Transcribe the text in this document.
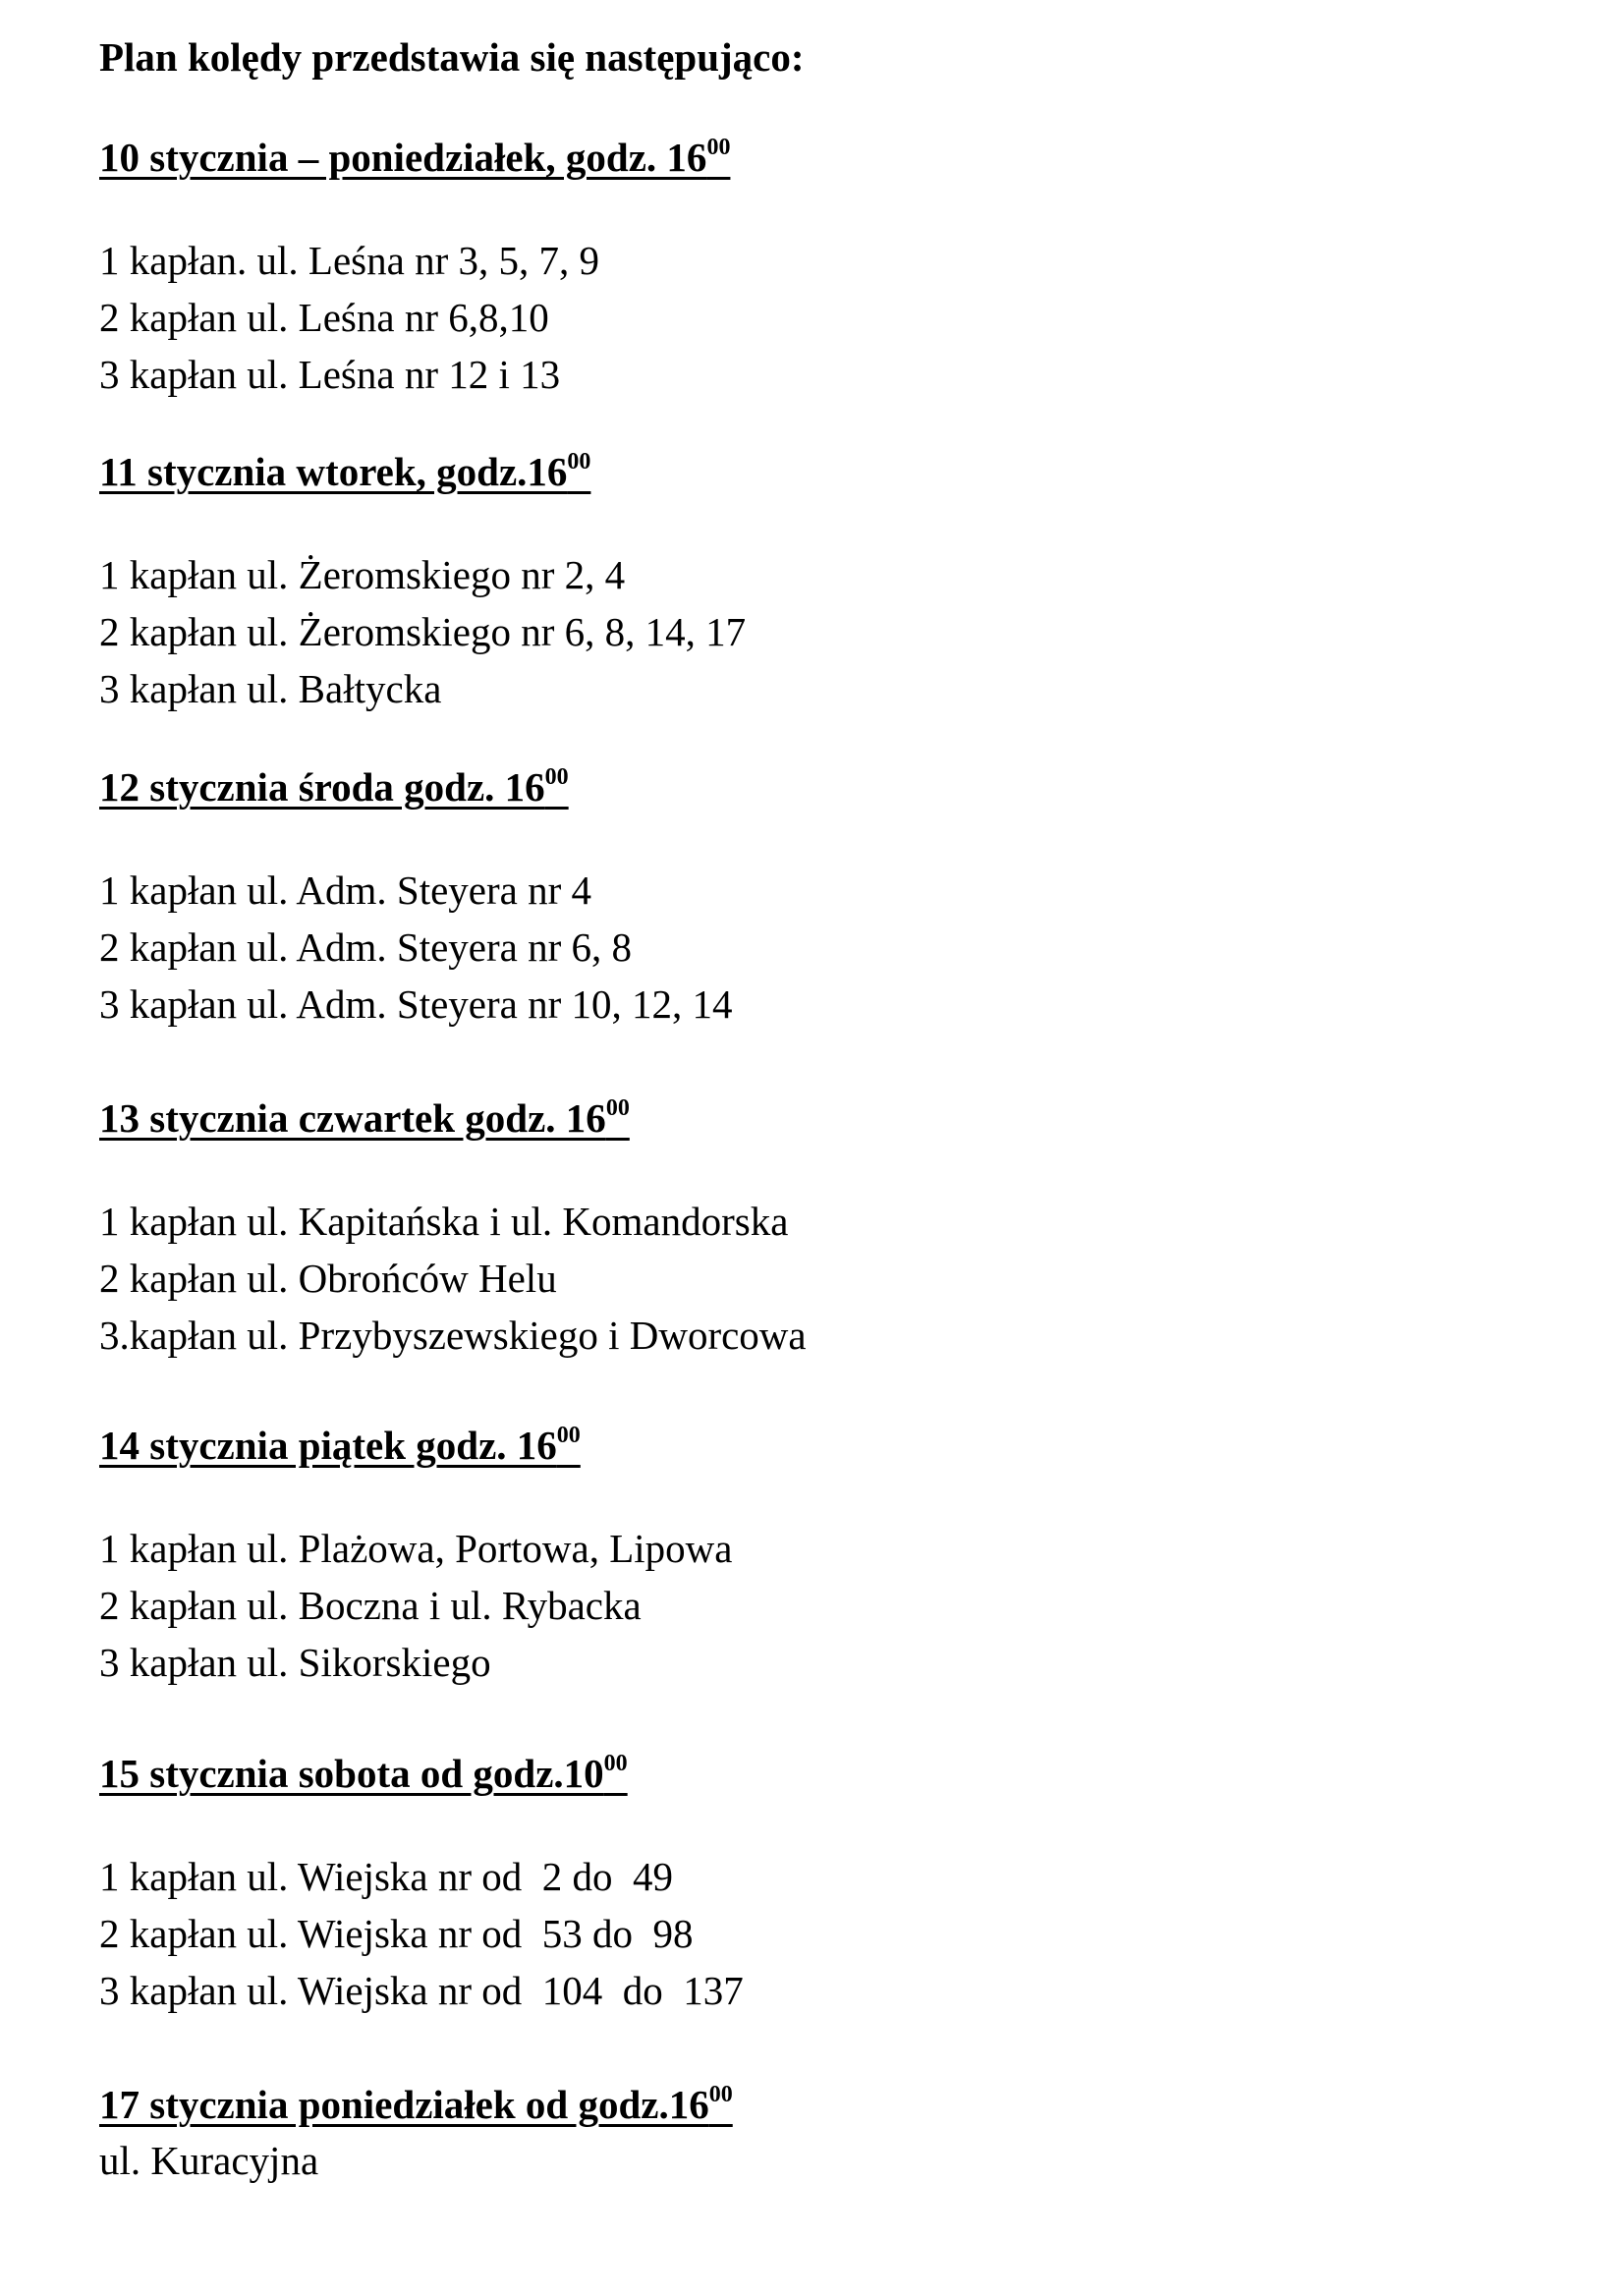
Plan kolędy przedstawia się następująco:
10 stycznia – poniedziałek, godz. $16^{00}$
1 kapłan. ul. Leśna nr 3, 5, 7, 9
2 kapłan ul. Leśna nr 6,8,10
3 kapłan ul. Leśna nr 12 i 13
11 stycznia wtorek, $godz.16^{00}$
1 kapłan ul. Żeromskiego nr 2, 4
2 kapłan ul. Żeromskiego nr 6, 8, 14, 17
3 kapłan ul. Bałtycka
12 stycznia środa godz. $16^{00}$
1 kapłan ul. Adm. Steyera nr 4
2 kapłan ul. Adm. Steyera nr 6, 8
3 kapłan ul. Adm. Steyera nr 10, 12, 14
13 stycznia czwartek godz. $16^{00}$
1 kapłan ul. Kapitańska i ul. Komandorska
2 kapłan ul. Obrońców Helu
3.kapłan ul. Przybyszewskiego i Dworcowa
14 stycznia piątek godz. $16^{00}$
1 kapłan ul. Plażowa, Portowa, Lipowa
2 kapłan ul. Boczna i ul. Rybacka
3 kapłan ul. Sikorskiego
15 stycznia sobota od $godz.10^{00}$
1 kapłan ul. Wiejska nr od  2 do  49
2 kapłan ul. Wiejska nr od  53 do  98
3 kapłan ul. Wiejska nr od  104  do  137
17 stycznia poniedziałek od $godz.16^{00}$
ul. Kuracyjna
